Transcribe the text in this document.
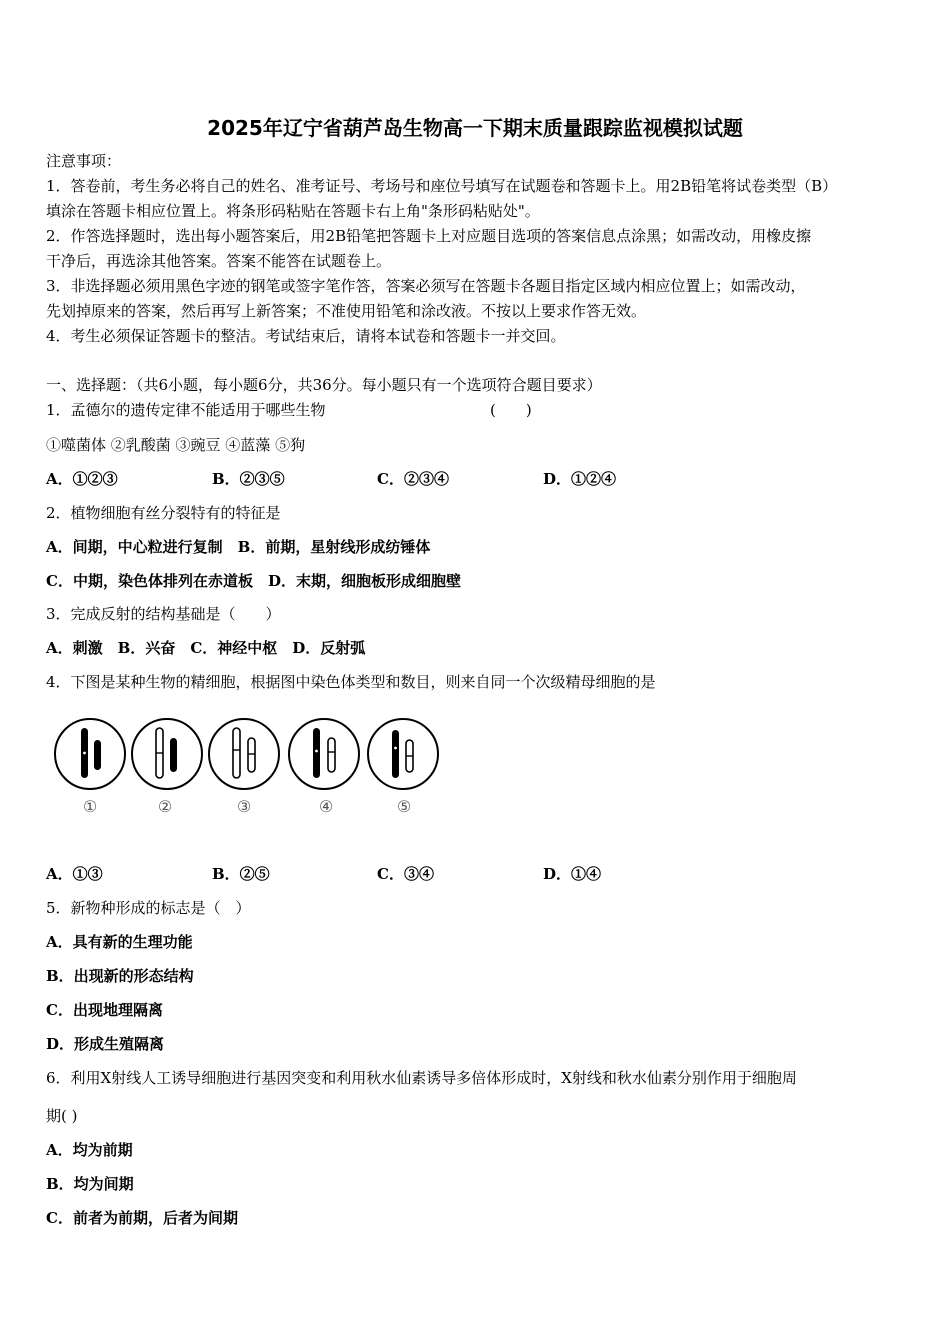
2025年辽宁省葫芦岛生物高一下期末质量跟踪监视模拟试题
注意事项：
1．答卷前，考生务必将自己的姓名、准考证号、考场号和座位号填写在试题卷和答题卡上。用2B铅笔将试卷类型（B）
填涂在答题卡相应位置上。将条形码粘贴在答题卡右上角"条形码粘贴处"。
2．作答选择题时，选出每小题答案后，用2B铅笔把答题卡上对应题目选项的答案信息点涂黑；如需改动，用橡皮擦
干净后，再选涂其他答案。答案不能答在试题卷上。
3．非选择题必须用黑色字迹的钢笔或签字笔作答，答案必须写在答题卡各题目指定区域内相应位置上；如需改动，
先划掉原来的答案，然后再写上新答案；不准使用铅笔和涂改液。不按以上要求作答无效。
4．考生必须保证答题卡的整洁。考试结束后，请将本试卷和答题卡一并交回。
一、选择题：（共6小题，每小题6分，共36分。每小题只有一个选项符合题目要求）
1．孟德尔的遗传定律不能适用于哪些生物	(　　)
①噬菌体 ②乳酸菌 ③豌豆 ④蓝藻 ⑤狗
A．①②③	B．②③⑤	C．②③④	D．①②④
2．植物细胞有丝分裂特有的特征是
A．间期，中心粒进行复制　B．前期，星射线形成纺锤体
C．中期，染色体排列在赤道板　D．末期，细胞板形成细胞壁
3．完成反射的结构基础是（　　）
A．刺激　B．兴奋　C．神经中枢　D．反射弧
4．下图是某种生物的精细胞，根据图中染色体类型和数目，则来自同一个次级精母细胞的是
①	②	③	④	⑤
A．①③	B．②⑤	C．③④	D．①④
5．新物种形成的标志是（　）
A．具有新的生理功能
B．出现新的形态结构
C．出现地理隔离
D．形成生殖隔离
6．利用X射线人工诱导细胞进行基因突变和利用秋水仙素诱导多倍体形成时，X射线和秋水仙素分别作用于细胞周
期( )
A．均为前期
B．均为间期
C．前者为前期，后者为间期
